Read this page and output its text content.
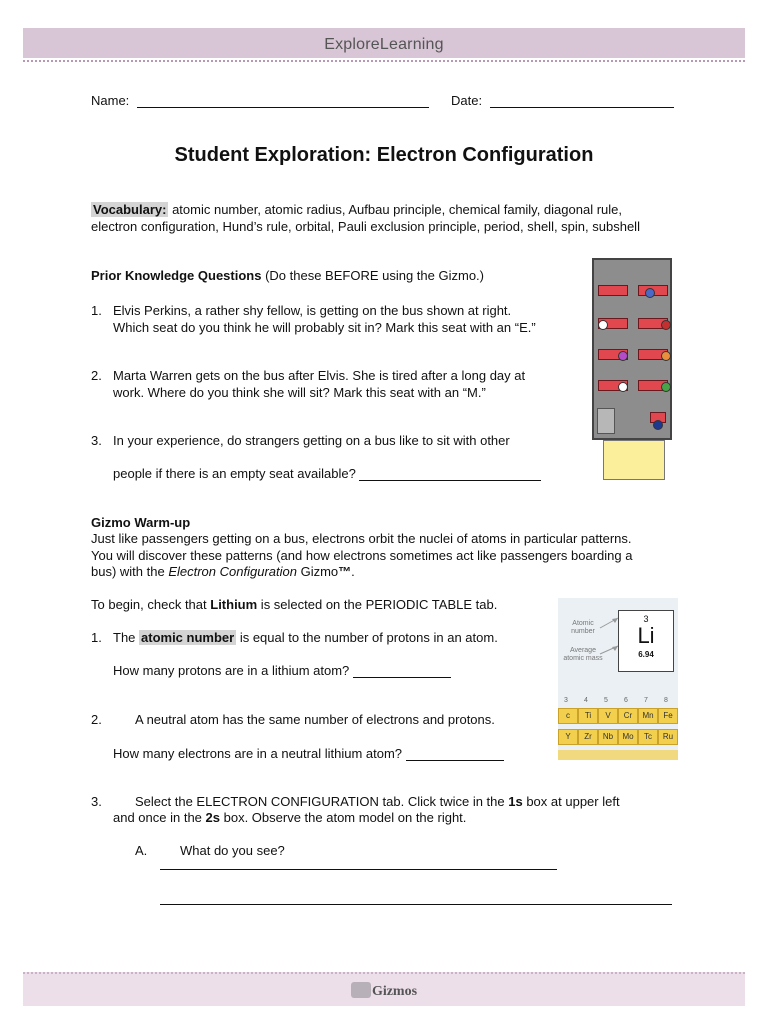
ExploreLearning
Name:	Date:
Student Exploration: Electron Configuration
Vocabulary: atomic number, atomic radius, Aufbau principle, chemical family, diagonal rule,
electron configuration, Hund’s rule, orbital, Pauli exclusion principle, period, shell, spin, subshell
Prior Knowledge Questions (Do these BEFORE using the Gizmo.)
1. Elvis Perkins, a rather shy fellow, is getting on the bus shown at right.
Which seat do you think he will probably sit in? Mark this seat with an “E.”
2. Marta Warren gets on the bus after Elvis. She is tired after a long day at
work. Where do you think she will sit? Mark this seat with an “M.”
3. In your experience, do strangers getting on a bus like to sit with other
people if there is an empty seat available?
Gizmo Warm-up
Just like passengers getting on a bus, electrons orbit the nuclei of atoms in particular patterns.
You will discover these patterns (and how electrons sometimes act like passengers boarding a
bus) with the Electron Configuration Gizmo™.
To begin, check that Lithium is selected on the PERIODIC TABLE tab.
1. The atomic number is equal to the number of protons in an atom.
How many protons are in a lithium atom?
2.	A neutral atom has the same number of electrons and protons.
How many electrons are in a neutral lithium atom?
3.	Select the ELECTRON CONFIGURATION tab. Click twice in the 1s box at upper left
and once in the 2s box. Observe the atom model on the right.
A.	What do you see?
Atomic number
Average atomic mass
3
Li
6.94
3 4 5 6 7 8
c	Ti	V	Cr	Mn	Fe
Y	Zr	Nb	Mo	Tc	Ru
Gizmos
